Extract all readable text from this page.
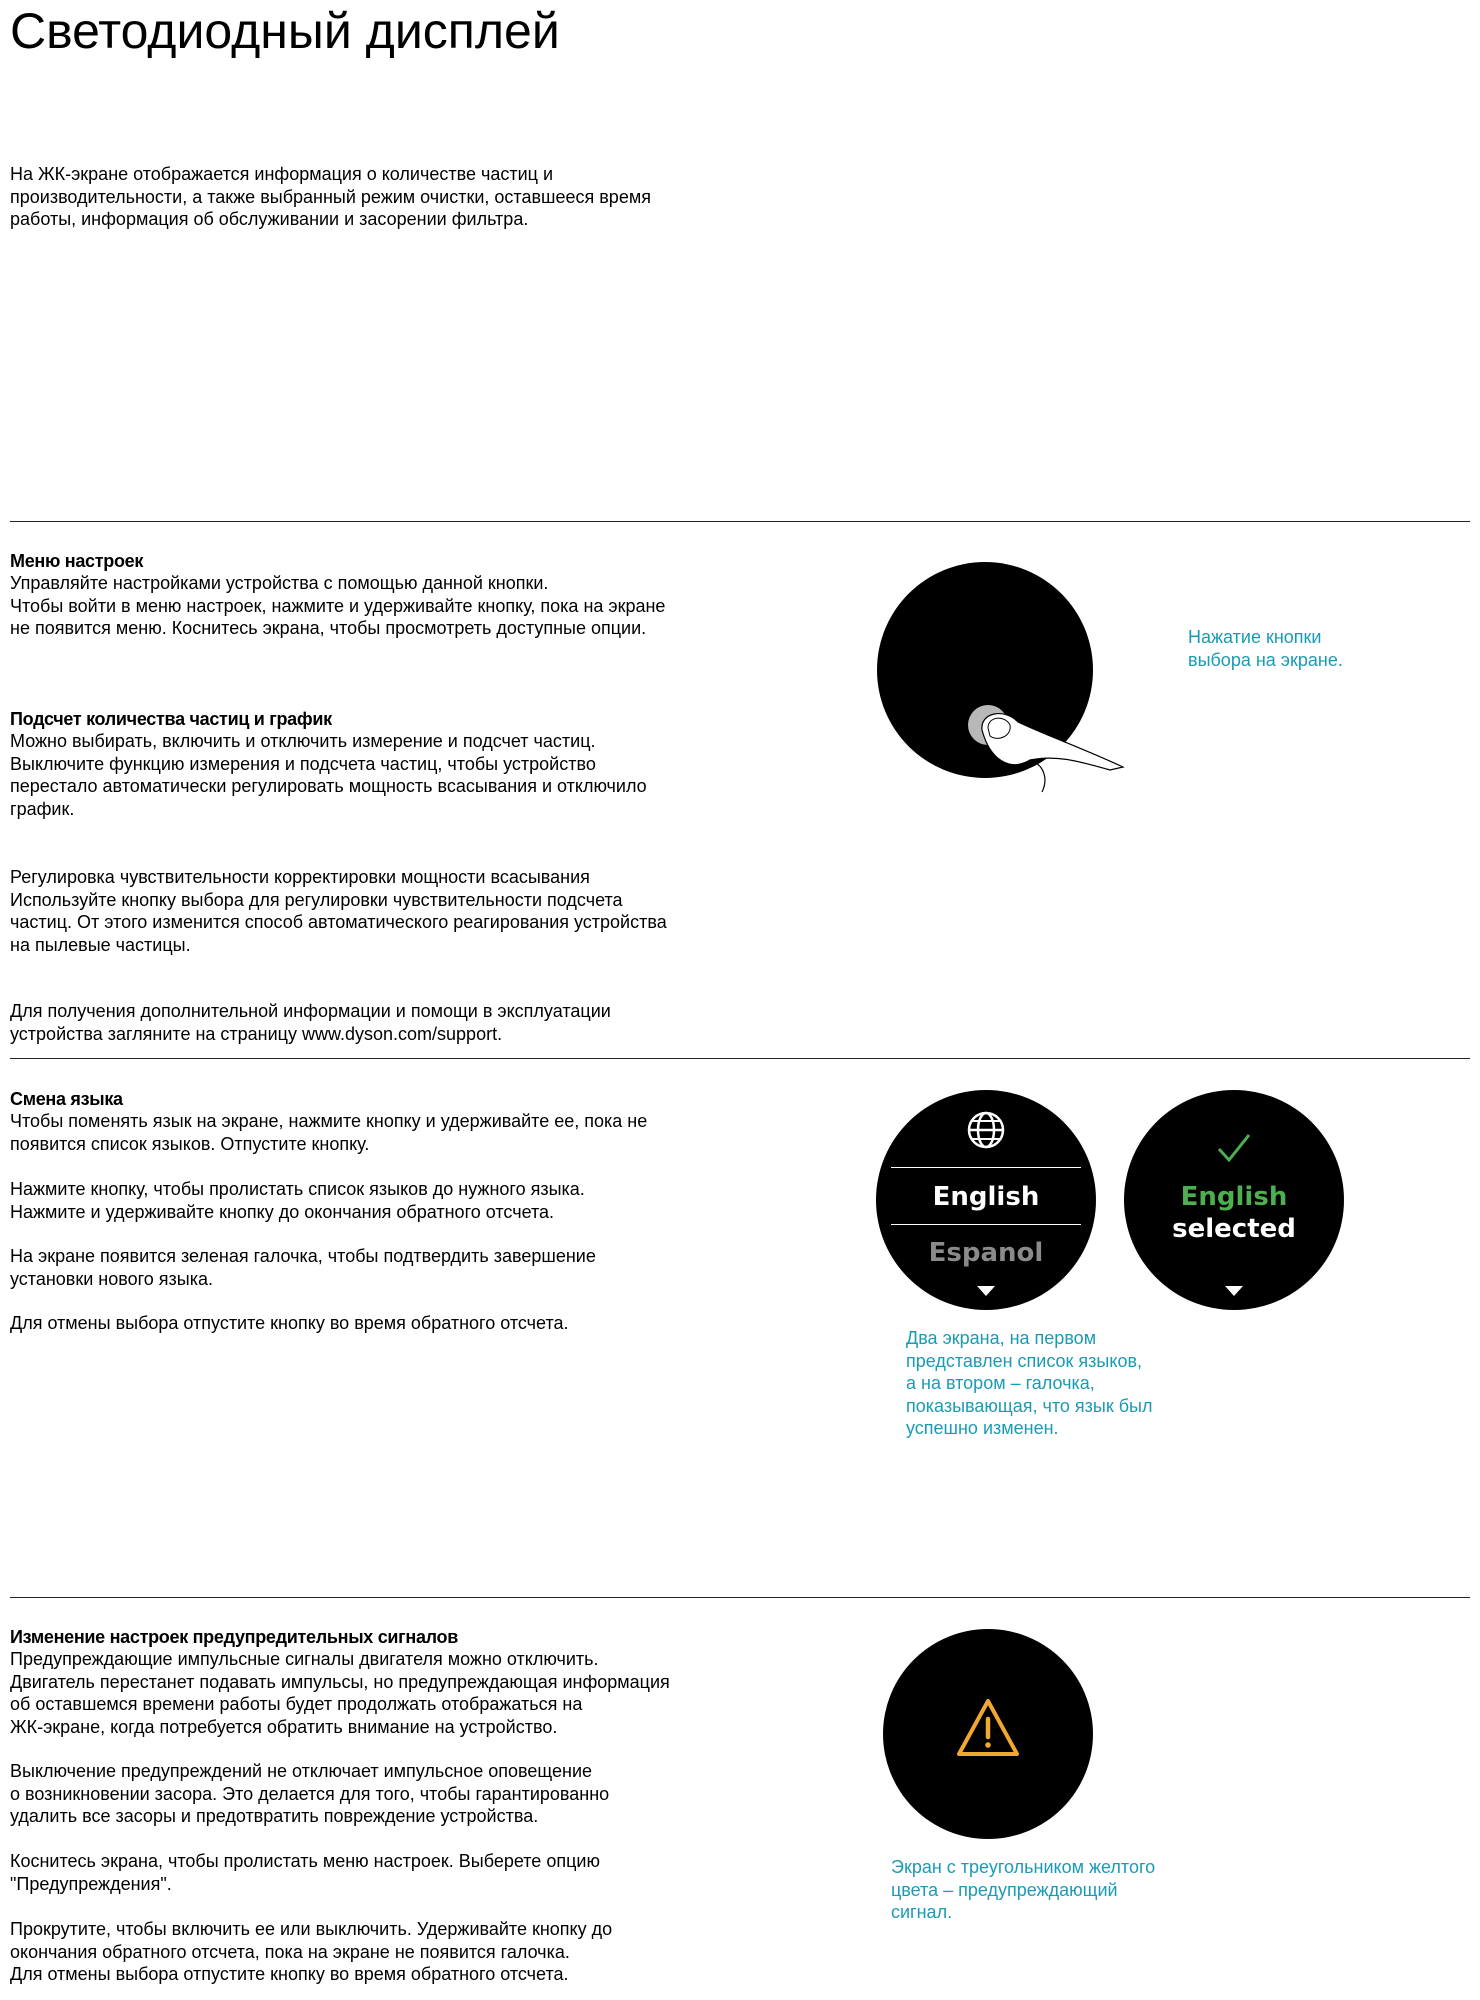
Светодиодный дисплей

На ЖК-экране отображается информация о количестве частиц и
производительности, а также выбранный режим очистки, оставшееся время
работы, информация об обслуживании и засорении фильтра.

Меню настроек

Управляйте настройками устройства с помощью данной кнопки.
Чтобы войти в меню настроек, нажмите и удерживайте кнопку, пока на экране
не появится меню. Коснитесь экрана, чтобы просмотреть доступные опции.

Подсчет количества частиц и график

Можно выбирать, включить и отключить измерение и подсчет частиц.
Выключите функцию измерения и подсчета частиц, чтобы устройство
перестало автоматически регулировать мощность всасывания и отключило
график.

Регулировка чувствительности корректировки мощности всасывания
Используйте кнопку выбора для регулировки чувствительности подсчета
частиц. От этого изменится способ автоматического реагирования устройства
на пылевые частицы.

Для получения дополнительной информации и помощи в эксплуатации
устройства загляните на страницу www.dyson.com/support.

Нажатие кнопки
выбора на экране.

Смена языка

Чтобы поменять язык на экране, нажмите кнопку и удерживайте ее, пока не
появится список языков. Отпустите кнопку.

Нажмите кнопку, чтобы пролистать список языков до нужного языка.
Нажмите и удерживайте кнопку до окончания обратного отсчета.

На экране появится зеленая галочка, чтобы подтвердить завершение
установки нового языка.

Для отмены выбора отпустите кнопку во время обратного отсчета.

English
Espanol
English
selected

Два экрана, на первом
представлен список языков,
а на втором – галочка,
показывающая, что язык был
успешно изменен.

Изменение настроек предупредительных сигналов

Предупреждающие импульсные сигналы двигателя можно отключить.
Двигатель перестанет подавать импульсы, но предупреждающая информация
об оставшемся времени работы будет продолжать отображаться на
ЖК-экране, когда потребуется обратить внимание на устройство.

Выключение предупреждений не отключает импульсное оповещение
о возникновении засора. Это делается для того, чтобы гарантированно
удалить все засоры и предотвратить повреждение устройства.

Коснитесь экрана, чтобы пролистать меню настроек. Выберете опцию
"Предупреждения".

Прокрутите, чтобы включить ее или выключить. Удерживайте кнопку до
окончания обратного отсчета, пока на экране не появится галочка.
Для отмены выбора отпустите кнопку во время обратного отсчета.

Экран с треугольником желтого
цвета – предупреждающий
сигнал.
